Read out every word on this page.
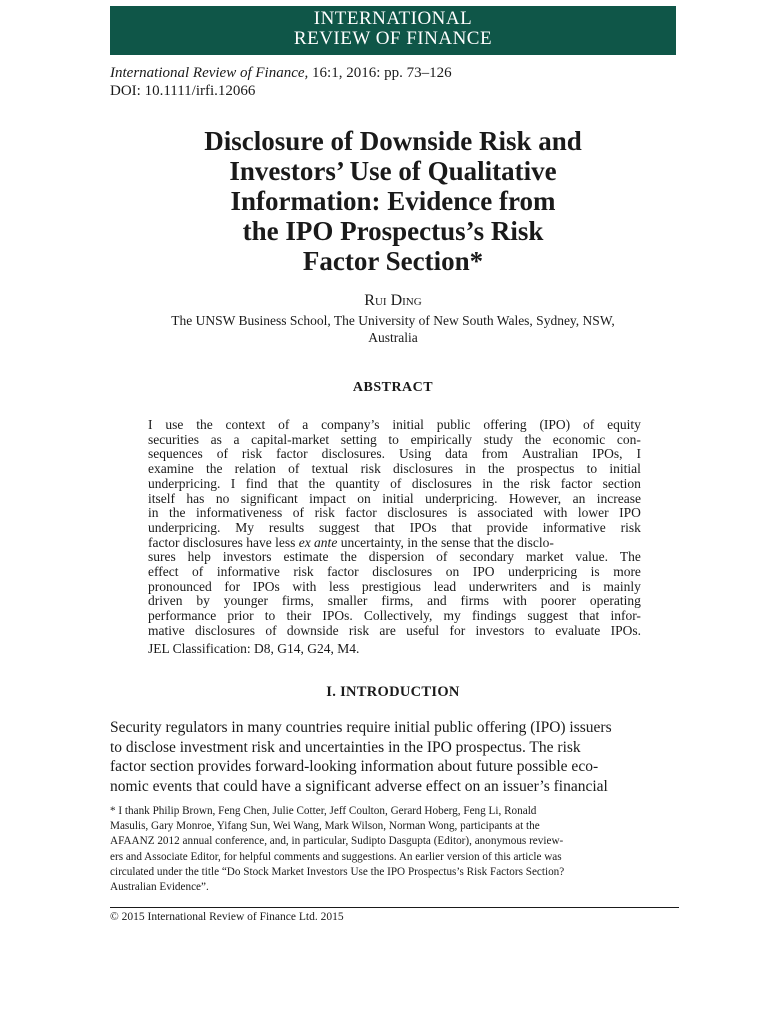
INTERNATIONAL
REVIEW OF FINANCE
International Review of Finance, 16:1, 2016: pp. 73–126
DOI: 10.1111/irfi.12066
Disclosure of Downside Risk and
Investors’ Use of Qualitative
Information: Evidence from
the IPO Prospectus’s Risk
Factor Section*
Rui Ding
The UNSW Business School, The University of New South Wales, Sydney, NSW,
Australia
ABSTRACT
I use the context of a company’s initial public offering (IPO) of equity
securities as a capital-market setting to empirically study the economic con-
sequences of risk factor disclosures. Using data from Australian IPOs, I
examine the relation of textual risk disclosures in the prospectus to initial
underpricing. I find that the quantity of disclosures in the risk factor section
itself has no significant impact on initial underpricing. However, an increase
in the informativeness of risk factor disclosures is associated with lower IPO
underpricing. My results suggest that IPOs that provide informative risk
factor disclosures have less ex ante uncertainty, in the sense that the disclo-
sures help investors estimate the dispersion of secondary market value. The
effect of informative risk factor disclosures on IPO underpricing is more
pronounced for IPOs with less prestigious lead underwriters and is mainly
driven by younger firms, smaller firms, and firms with poorer operating
performance prior to their IPOs. Collectively, my findings suggest that infor-
mative disclosures of downside risk are useful for investors to evaluate IPOs.
JEL Classification: D8, G14, G24, M4.
I. INTRODUCTION
Security regulators in many countries require initial public offering (IPO) issuers
to disclose investment risk and uncertainties in the IPO prospectus. The risk
factor section provides forward-looking information about future possible eco-
nomic events that could have a significant adverse effect on an issuer’s financial
* I thank Philip Brown, Feng Chen, Julie Cotter, Jeff Coulton, Gerard Hoberg, Feng Li, Ronald
Masulis, Gary Monroe, Yifang Sun, Wei Wang, Mark Wilson, Norman Wong, participants at the
AFAANZ 2012 annual conference, and, in particular, Sudipto Dasgupta (Editor), anonymous review-
ers and Associate Editor, for helpful comments and suggestions. An earlier version of this article was
circulated under the title “Do Stock Market Investors Use the IPO Prospectus’s Risk Factors Section?
Australian Evidence”.
© 2015 International Review of Finance Ltd. 2015
